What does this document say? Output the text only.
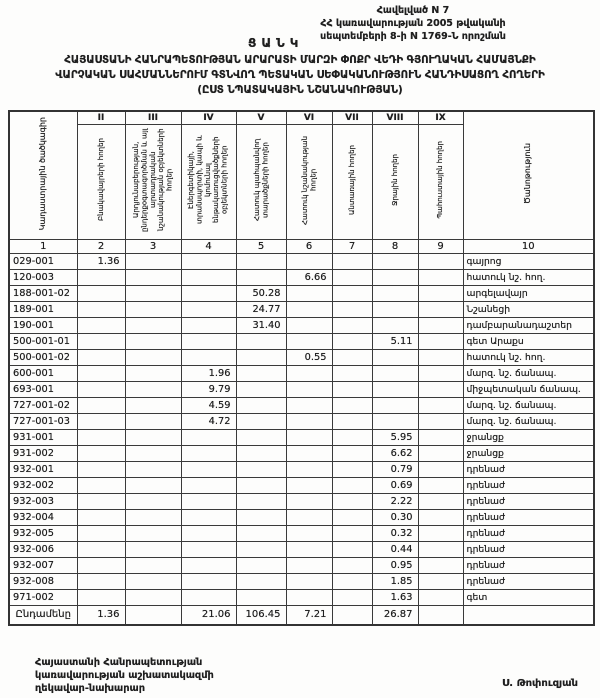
Հավելված N 7
ՀՀ կառավարության 2005 թվականի
սեպտեմբերի 8-ի N 1769-Ն որոշման
ՑԱՆԿ
ՀԱՅԱՍՏԱՆԻ ՀԱՆՐԱՊԵՏՈՒԹՅԱՆ ԱՐԱՐԱՏԻ ՄԱՐԶԻ ՓՈՔՐ ՎԵԴԻ ԳՅՈՒՂԱԿԱՆ ՀԱՄԱՅՆՔԻ
ՎԱՐՉԱԿԱՆ ՍԱՀՄԱՆՆԵՐՈՒՄ ԳՏՆՎՈՂ ՊԵՏԱԿԱՆ ՍԵՓԱԿԱՆՈՒԹՅՈՒՆ ՀԱՆԴԻՍԱՑՈՂ ՀՈՂԵՐԻ
(ԸՍՏ ՆՊԱՏԱԿԱՅԻՆ ՆՇԱՆԱԿՈՒԹՅԱՆ)
Կադաստրային ծածկագիր	II	III	IV	V	VI	VII	VIII	IX	Ծանոթություն
	Բնակավայրերի հողեր	Արդյունաբերության, ընդերքօգտագործման և այլ արտադրական նշանակության օբյեկտների հողեր	Էներգետիկայի, տրանսպորտի, կապի և կոմունալ ենթակառուցվածքների օբյեկտների հողեր	Հատուկ պահպանվող տարածքների հողեր	Հատուկ նշանակության հողեր	Անտառային հողեր	Ջրային հողեր	Պահուստային հողեր	
1	2	3	4	5	6	7	8	9	10
029-001	1.36								գայրոց
120-003					6.66				հատուկ նշ. հող.
188-001-02				50.28					արգելավայր
189-001				24.77					Նշանեցի
190-001				31.40					դամբարանադաշտեր
500-001-01							5.11		գետ Արաքս
500-001-02					0.55				հատուկ նշ. հող.
600-001			1.96						մարզ. նշ. ճանապ.
693-001			9.79						միջպետական ճանապ.
727-001-02			4.59						մարզ. նշ. ճանապ.
727-001-03			4.72						մարզ. նշ. ճանապ.
931-001							5.95		ջրանցք
931-002							6.62		ջրանցք
932-001							0.79		դրենաժ
932-002							0.69		դրենաժ
932-003							2.22		դրենաժ
932-004							0.30		դրենաժ
932-005							0.32		դրենաժ
932-006							0.44		դրենաժ
932-007							0.95		դրենաժ
932-008							1.85		դրենաժ
971-002							1.63		գետ
Ընդամենը	1.36		21.06	106.45	7.21		26.87		
Հայաստանի Հանրապետության
կառավարության աշխատակազմի
ղեկավար-նախարար	Ս. Թոփուզյան
